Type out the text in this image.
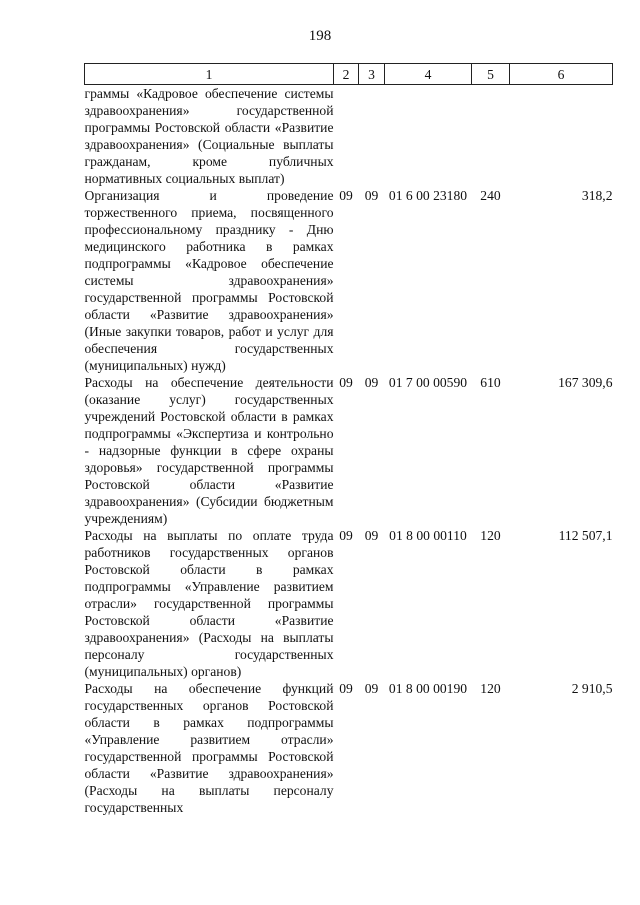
198
1	2	3	4	5	6
граммы «Кадровое обеспечение системы здравоохранения» государственной программы Ростовской области «Развитие здравоохранения» (Социальные выплаты гражданам, кроме публичных нормативных социальных выплат)					
Организация и проведение торжественного приема, посвященного профессиональному празднику - Дню медицинского работника в рамках подпрограммы «Кадровое обеспечение системы здравоохранения» государственной программы Ростовской области «Развитие здравоохранения» (Иные закупки товаров, работ и услуг для обеспечения государственных (муниципальных) нужд)	09	09	01 6 00 23180	240	318,2
Расходы на обеспечение деятельности (оказание услуг) государственных учреждений Ростовской области в рамках подпрограммы «Экспертиза и контрольно - надзорные функции в сфере охраны здоровья» государственной программы Ростовской области «Развитие здравоохранения» (Субсидии бюджетным учреждениям)	09	09	01 7 00 00590	610	167 309,6
Расходы на выплаты по оплате труда работников государственных органов Ростовской области в рамках подпрограммы «Управление развитием отрасли» государственной программы Ростовской области «Развитие здравоохранения» (Расходы на выплаты персоналу государственных (муниципальных) органов)	09	09	01 8 00 00110	120	112 507,1
Расходы на обеспечение функций государственных органов Ростовской области в рамках подпрограммы «Управление развитием отрасли» государственной программы Ростовской области «Развитие здравоохранения» (Расходы на выплаты персоналу государственных	09	09	01 8 00 00190	120	2 910,5
